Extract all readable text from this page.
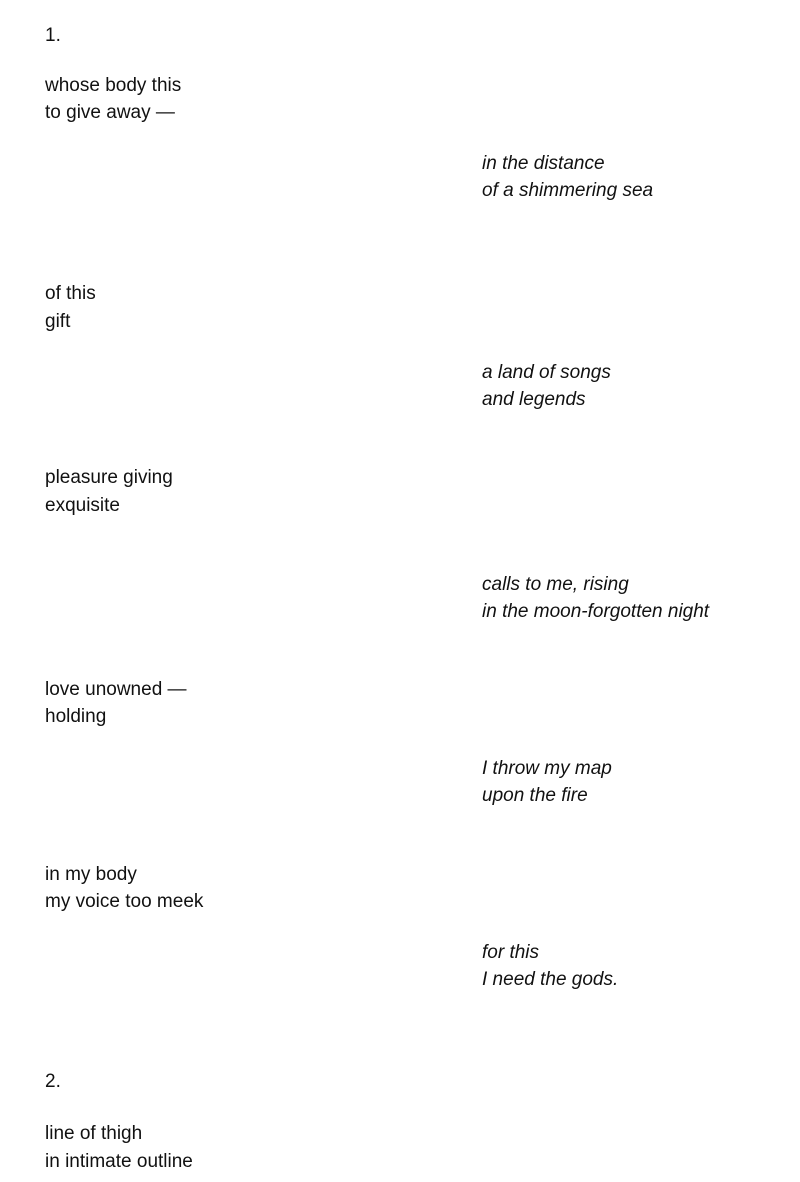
1.
whose body this
to give away —
in the distance
of a shimmering sea
of this
gift
a land of songs
and legends
pleasure giving
exquisite
calls to me, rising
in the moon-forgotten night
love unowned —
holding
I throw my map
upon the fire
in my body
my voice too meek
for this
I need the gods.
2.
line of thigh
in intimate outline
